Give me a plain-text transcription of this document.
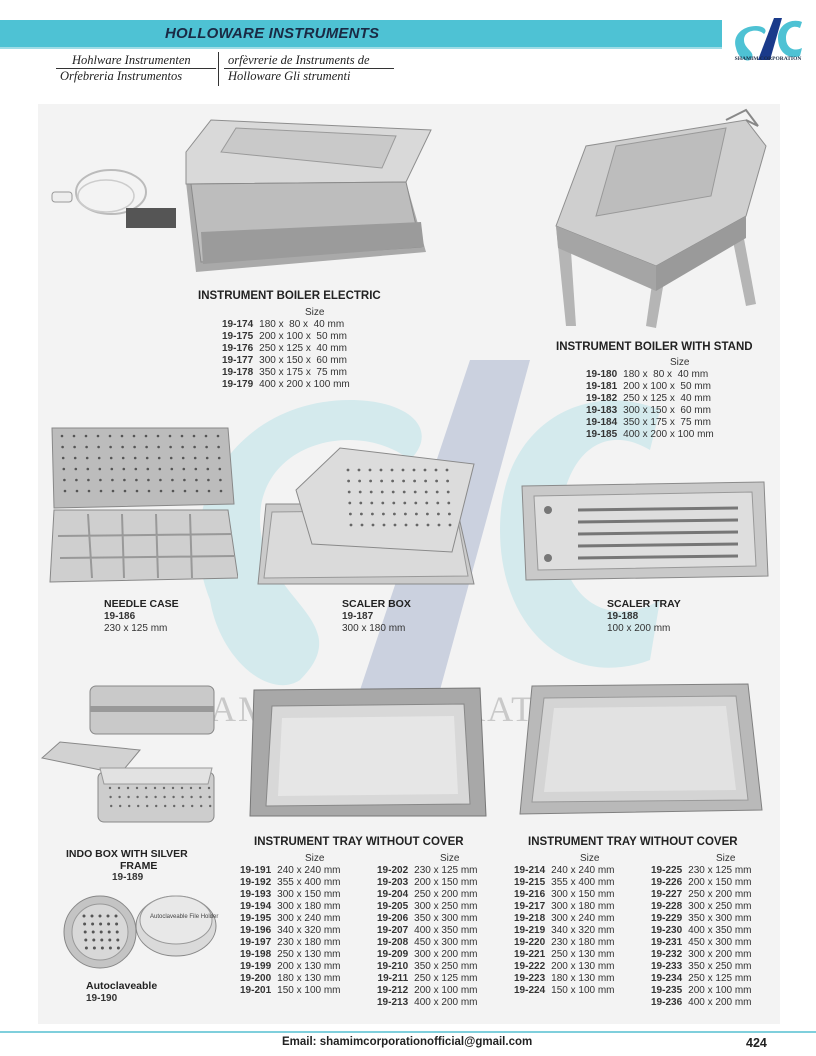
HOLLOWARE INSTRUMENTS
SHAMIM CORPORATION
Hohlware Instrumenten
Orfebreria Instrumentos
orfèvrerie de Instruments de
Holloware Gli strumenti
SHAMIM
INSTRUMENT BOILER ELECTRIC
Size
19-174	180 x  80 x  40 mm
19-175	200 x 100 x  50 mm
19-176	250 x 125 x  40 mm
19-177	300 x 150 x  60 mm
19-178	350 x 175 x  75 mm
19-179	400 x 200 x 100 mm
INSTRUMENT BOILER WITH STAND
Size
19-180	180 x  80 x  40 mm
19-181	200 x 100 x  50 mm
19-182	250 x 125 x  40 mm
19-183	300 x 150 x  60 mm
19-184	350 x 175 x  75 mm
19-185	400 x 200 x 100 mm
NEEDLE CASE
19-186
230 x 125 mm
SCALER BOX
19-187
300 x 180 mm
SCALER TRAY
19-188
100 x 200 mm
INDO BOX WITH SILVER
FRAME
19-189
Autoclaveable File Holder
Autoclaveable
19-190
INSTRUMENT TRAY WITHOUT COVER
Size	Size
19-191	240 x 240 mm
19-192	355 x 400 mm
19-193	300 x 150 mm
19-194	300 x 180 mm
19-195	300 x 240 mm
19-196	340 x 320 mm
19-197	230 x 180 mm
19-198	250 x 130 mm
19-199	200 x 130 mm
19-200	180 x 130 mm
19-201	150 x 100 mm
19-202	230 x 125 mm
19-203	200 x 150 mm
19-204	250 x 200 mm
19-205	300 x 250 mm
19-206	350 x 300 mm
19-207	400 x 350 mm
19-208	450 x 300 mm
19-209	300 x 200 mm
19-210	350 x 250 mm
19-211	250 x 125 mm
19-212	200 x 100 mm
19-213	400 x 200 mm
INSTRUMENT TRAY WITHOUT COVER
Size	Size
19-214	240 x 240 mm
19-215	355 x 400 mm
19-216	300 x 150 mm
19-217	300 x 180 mm
19-218	300 x 240 mm
19-219	340 x 320 mm
19-220	230 x 180 mm
19-221	250 x 130 mm
19-222	200 x 130 mm
19-223	180 x 130 mm
19-224	150 x 100 mm
19-225	230 x 125 mm
19-226	200 x 150 mm
19-227	250 x 200 mm
19-228	300 x 250 mm
19-229	350 x 300 mm
19-230	400 x 350 mm
19-231	450 x 300 mm
19-232	300 x 200 mm
19-233	350 x 250 mm
19-234	250 x 125 mm
19-235	200 x 100 mm
19-236	400 x 200 mm
Email: shamimcorporationofficial@gmail.com	424
